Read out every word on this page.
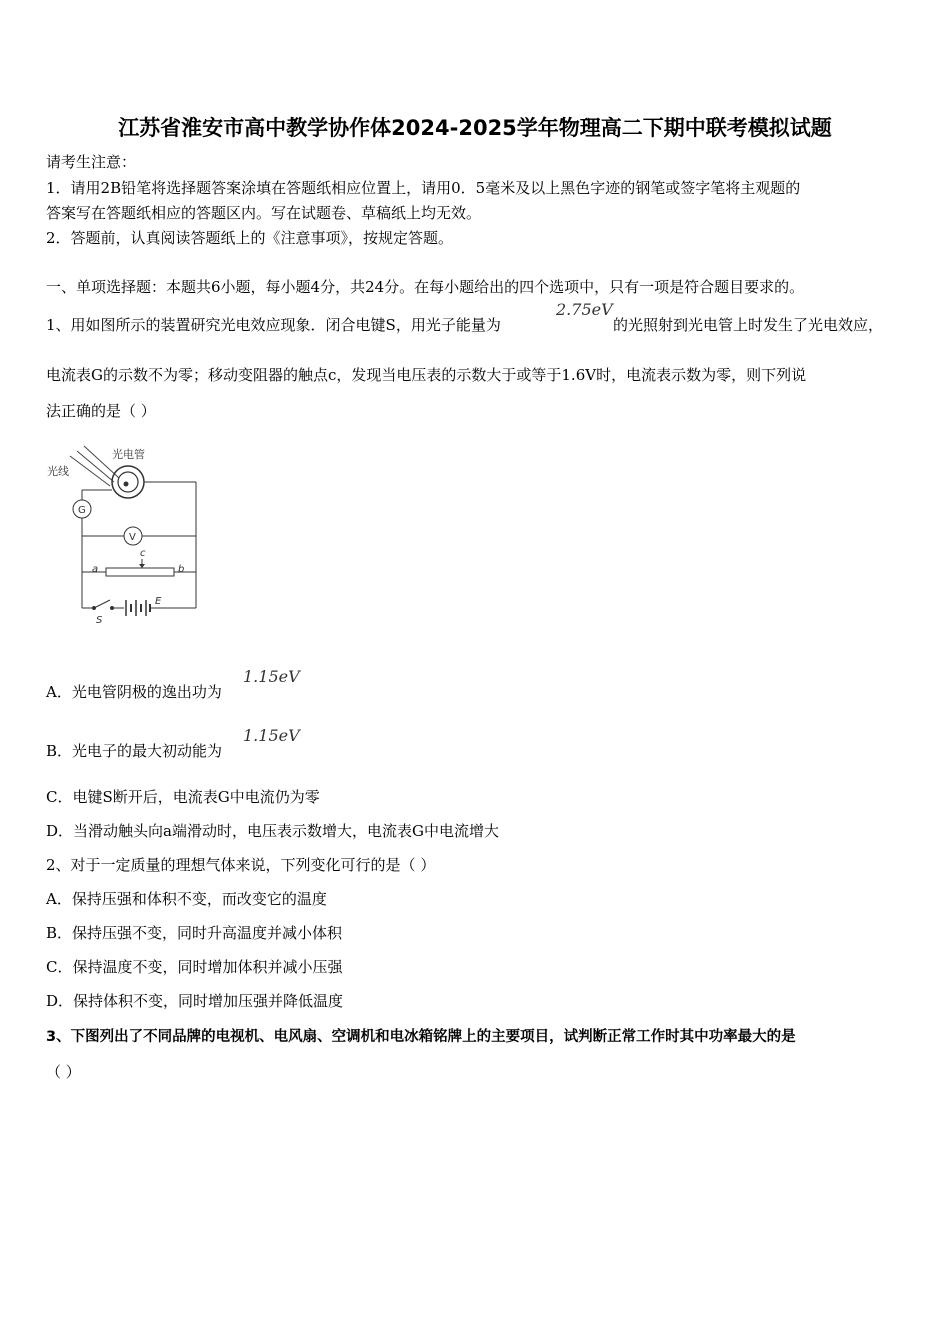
江苏省淮安市高中教学协作体2024-2025学年物理高二下期中联考模拟试题
请考生注意：
1．请用2B铅笔将选择题答案涂填在答题纸相应位置上，请用0．5毫米及以上黑色字迹的钢笔或签字笔将主观题的
答案写在答题纸相应的答题区内。写在试题卷、草稿纸上均无效。
2．答题前，认真阅读答题纸上的《注意事项》，按规定答题。
一、单项选择题：本题共6小题，每小题4分，共24分。在每小题给出的四个选项中，只有一项是符合题目要求的。
1、用如图所示的装置研究光电效应现象．闭合电键S，用光子能量为
2.75eV
的光照射到光电管上时发生了光电效应，
电流表G的示数不为零；移动变阻器的触点c，发现当电压表的示数大于或等于1.6V时，电流表示数为零，则下列说
法正确的是（ ）
光线
光电管
G
V
c
a	b
S
E
A．光电管阴极的逸出功为
1.15eV
B．光电子的最大初动能为
1.15eV
C．电键S断开后，电流表G中电流仍为零
D．当滑动触头向a端滑动时，电压表示数增大，电流表G中电流增大
2、对于一定质量的理想气体来说，下列变化可行的是（ ）
A．保持压强和体积不变，而改变它的温度
B．保持压强不变，同时升高温度并减小体积
C．保持温度不变，同时增加体积并减小压强
D．保持体积不变，同时增加压强并降低温度
3、下图列出了不同品牌的电视机、电风扇、空调机和电冰箱铭牌上的主要项目，试判断正常工作时其中功率最大的是
（ ）
